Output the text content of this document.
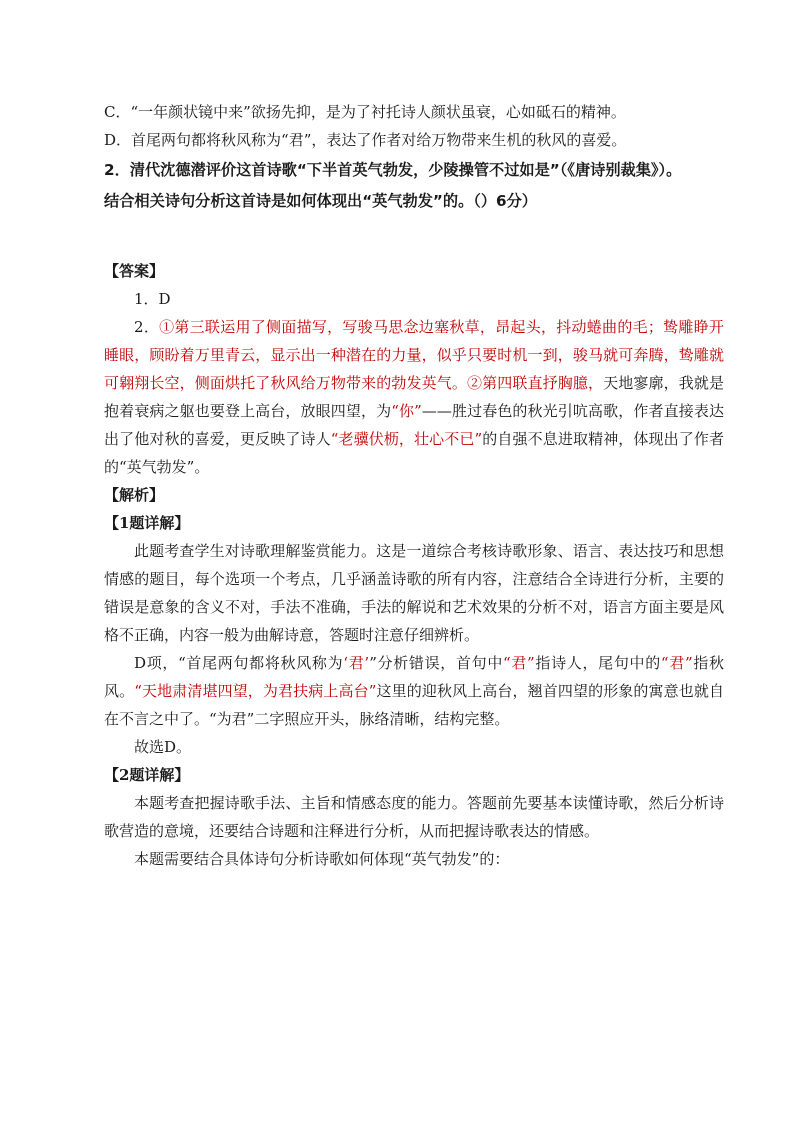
C．“一年颜状镜中来”欲扬先抑，是为了衬托诗人颜状虽衰，心如砥石的精神。
D．首尾两句都将秋风称为“君”，表达了作者对给万物带来生机的秋风的喜爱。
2．清代沈德潜评价这首诗歌“下半首英气勃发，少陵操管不过如是”（《唐诗别裁集》）。
结合相关诗句分析这首诗是如何体现出“英气勃发”的。（）6分）
【答案】
1．D

2．①第三联运用了侧面描写，写骏马思念边塞秋草，昂起头，抖动蜷曲的毛；鸷雕睁开睡眼，顾盼着万里青云，显示出一种潜在的力量，似乎只要时机一到，骏马就可奔腾，鸷雕就可翱翔长空，侧面烘托了秋风给万物带来的勃发英气。②第四联直抒胸臆，天地寥廓，我就是抱着衰病之躯也要登上高台，放眼四望，为“你”——胜过春色的秋光引吭高歌，作者直接表达出了他对秋的喜爱，更反映了诗人“老骥伏枥，壮心不已”的自强不息进取精神，体现出了作者的“英气勃发”。

【解析】
【1题详解】

此题考查学生对诗歌理解鉴赏能力。这是一道综合考核诗歌形象、语言、表达技巧和思想情感的题目，每个选项一个考点，几乎涵盖诗歌的所有内容，注意结合全诗进行分析，主要的错误是意象的含义不对，手法不准确，手法的解说和艺术效果的分析不对，语言方面主要是风格不正确，内容一般为曲解诗意，答题时注意仔细辨析。

D项，“首尾两句都将秋风称为‘君’”分析错误，首句中“君”指诗人，尾句中的“君”指秋风。“天地肃清堪四望，为君扶病上高台”这里的迎秋风上高台，翘首四望的形象的寓意也就自在不言之中了。“为君”二字照应开头，脉络清晰，结构完整。

故选D。

【2题详解】

本题考查把握诗歌手法、主旨和情感态度的能力。答题前先要基本读懂诗歌，然后分析诗歌营造的意境，还要结合诗题和注释进行分析，从而把握诗歌表达的情感。

本题需要结合具体诗句分析诗歌如何体现“英气勃发”的：
